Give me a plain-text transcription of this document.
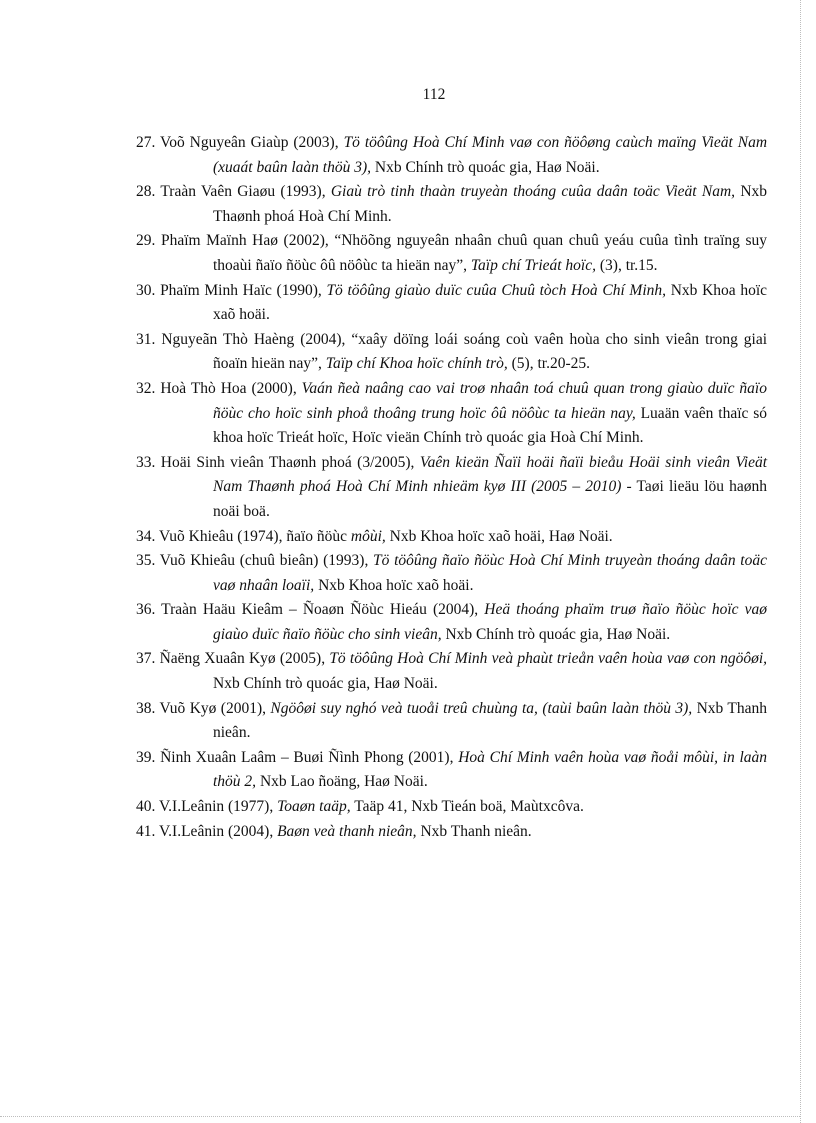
112
27. Voõ Nguyeân Giaùp (2003), Tö töôûng Hoà Chí Minh vaø con ñöôøng caùch maïng Vieät Nam (xuaát baûn laàn thöù 3), Nxb Chính trò quoác gia, Haø Noäi.
28. Traàn Vaên Giaøu (1993), Giaù trò tinh thaàn truyeàn thoáng cuûa daân toäc Vieät Nam, Nxb Thaønh phoá Hoà Chí Minh.
29. Phaïm Maïnh Haø (2002), “Nhöõng nguyeân nhaân chuû quan chuû yeáu cuûa tình traïng suy thoaùi ñaïo ñöùc ôû nöôùc ta hieän nay”, Taïp chí Trieát hoïc, (3), tr.15.
30. Phaïm Minh Haïc (1990), Tö töôûng giaùo duïc cuûa Chuû tòch Hoà Chí Minh, Nxb Khoa hoïc xaõ hoäi.
31. Nguyeãn Thò Haèng (2004), “xaây döïng loái soáng coù vaên hoùa cho sinh vieân trong giai ñoaïn hieän nay”, Taïp chí Khoa hoïc chính trò, (5), tr.20-25.
32. Hoà Thò Hoa (2000), Vaán ñeà naâng cao vai troø nhaân toá chuû quan trong giaùo duïc ñaïo ñöùc cho hoïc sinh phoå thoâng trung hoïc ôû nöôùc ta hieän nay, Luaän vaên thaïc só khoa hoïc Trieát hoïc, Hoïc vieän Chính trò quoác gia Hoà Chí Minh.
33. Hoäi Sinh vieân Thaønh phoá (3/2005), Vaên kieän Ñaïi hoäi ñaïi bieåu Hoäi sinh vieân Vieät Nam Thaønh phoá Hoà Chí Minh nhieäm kyø III (2005 – 2010) - Taøi lieäu löu haønh noäi boä.
34. Vuõ Khieâu (1974), ñaïo ñöùc môùi, Nxb Khoa hoïc xaõ hoäi, Haø Noäi.
35. Vuõ Khieâu (chuû bieân) (1993), Tö töôûng ñaïo ñöùc Hoà Chí Minh truyeàn thoáng daân toäc vaø nhaân loaïi, Nxb Khoa hoïc xaõ hoäi.
36. Traàn Haäu Kieâm – Ñoaøn Ñöùc Hieáu (2004), Heä thoáng phaïm truø ñaïo ñöùc hoïc vaø giaùo duïc ñaïo ñöùc cho sinh vieân, Nxb Chính trò quoác gia, Haø Noäi.
37. Ñaëng Xuaân Kyø (2005), Tö töôûng Hoà Chí Minh veà phaùt trieån vaên hoùa vaø con ngöôøi, Nxb Chính trò quoác gia, Haø Noäi.
38. Vuõ Kyø (2001), Ngöôøi suy nghó veà tuoåi treû chuùng ta, (taùi baûn laàn thöù 3), Nxb Thanh nieân.
39. Ñinh Xuaân Laâm – Buøi Ñình Phong (2001), Hoà Chí Minh vaên hoùa vaø ñoåi môùi, in laàn thöù 2, Nxb Lao ñoäng, Haø Noäi.
40. V.I.Leânin (1977), Toaøn taäp, Taäp 41, Nxb Tieán boä, Maùtxcôva.
41. V.I.Leânin (2004), Baøn veà thanh nieân, Nxb Thanh nieân.
